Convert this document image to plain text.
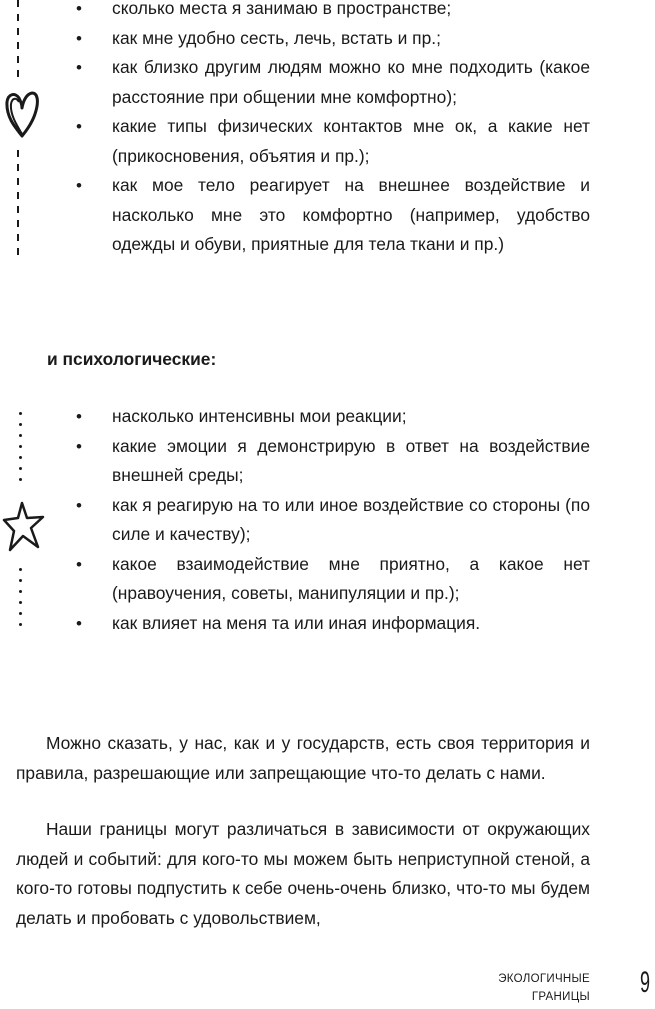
• сколько места я занимаю в пространстве;
• как мне удобно сесть, лечь, встать и пр.;
• как близко другим людям можно ко мне подходить (какое расстояние при общении мне комфортно);
• какие типы физических контактов мне ок, а какие нет (прикосновения, объятия и пр.);
• как мое тело реагирует на внешнее воздействие и насколько мне это комфортно (например, удобство одежды и обуви, приятные для тела ткани и пр.)
и психологические:
• насколько интенсивны мои реакции;
• какие эмоции я демонстрирую в ответ на воздействие внешней среды;
• как я реагирую на то или иное воздействие со стороны (по силе и качеству);
• какое взаимодействие мне приятно, а какое нет (нравоучения, советы, манипуляции и пр.);
• как влияет на меня та или иная информация.

Можно сказать, у нас, как и у государств, есть своя территория и правила, разрешающие или запрещающие что-то делать с нами.

Наши границы могут различаться в зависимости от окружающих людей и событий: для кого-то мы можем быть неприступной стеной, а кого-то готовы подпустить к себе очень-очень близко, что-то мы будем делать и пробовать с удовольствием,

ЭКОЛОГИЧНЫЕ
ГРАНИЦЫ 9
